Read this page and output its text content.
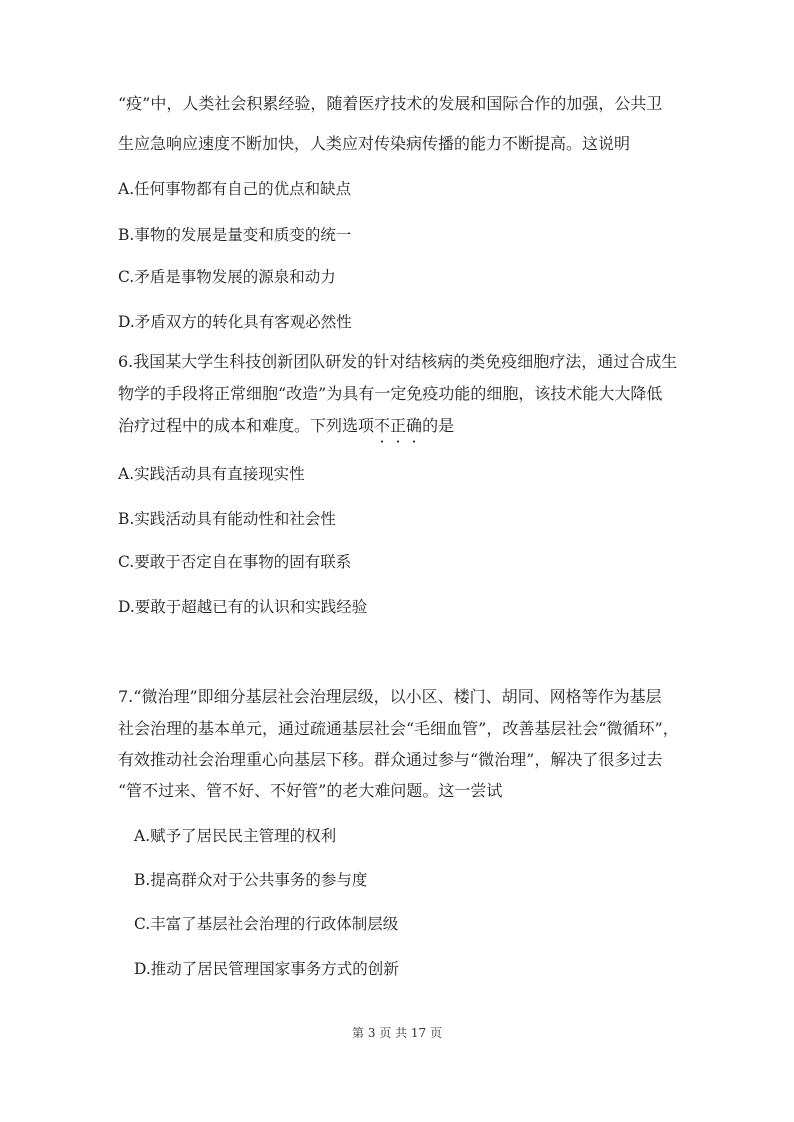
“疫”中，人类社会积累经验，随着医疗技术的发展和国际合作的加强，公共卫
生应急响应速度不断加快，人类应对传染病传播的能力不断提高。这说明
A.任何事物都有自己的优点和缺点
B.事物的发展是量变和质变的统一
C.矛盾是事物发展的源泉和动力
D.矛盾双方的转化具有客观必然性
6.我国某大学生科技创新团队研发的针对结核病的类免疫细胞疗法，通过合成生
物学的手段将正常细胞“改造”为具有一定免疫功能的细胞，该技术能大大降低
治疗过程中的成本和难度。下列选项不正确的是
A.实践活动具有直接现实性
B.实践活动具有能动性和社会性
C.要敢于否定自在事物的固有联系
D.要敢于超越已有的认识和实践经验
7.“微治理”即细分基层社会治理层级，以小区、楼门、胡同、网格等作为基层
社会治理的基本单元，通过疏通基层社会“毛细血管”，改善基层社会“微循环”，
有效推动社会治理重心向基层下移。群众通过参与“微治理”，解决了很多过去
“管不过来、管不好、不好管”的老大难问题。这一尝试
A.赋予了居民民主管理的权利
B.提高群众对于公共事务的参与度
C.丰富了基层社会治理的行政体制层级
D.推动了居民管理国家事务方式的创新
第 3 页 共 17 页
